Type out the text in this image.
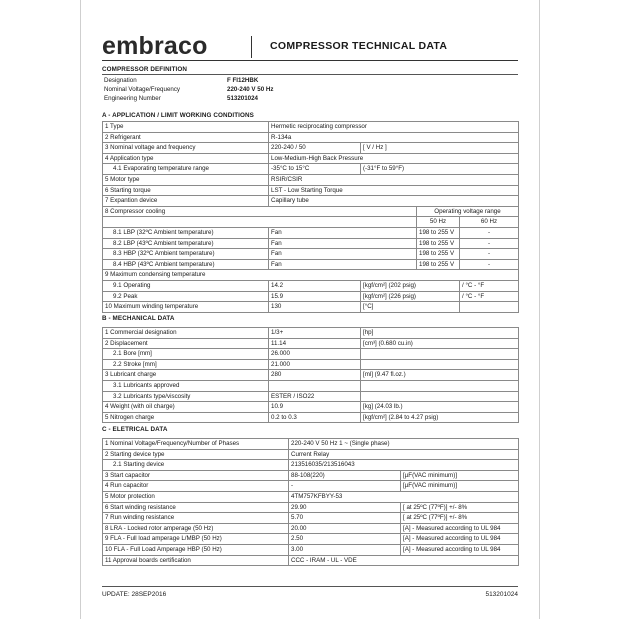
embraco	COMPRESSOR TECHNICAL DATA
COMPRESSOR DEFINITION
Designation	F FI12HBK
Nominal Voltage/Frequency	220-240 V 50 Hz
Engineering Number	513201024
A - APPLICATION / LIMIT WORKING CONDITIONS
1 Type	Hermetic reciprocating compressor			
2 Refrigerant	R-134a			
3 Nominal voltage and frequency	220-240 / 50	[ V / Hz ]		
4 Application type	Low-Medium-High Back Pressure			
4.1 Evaporating temperature range	-35°C to 15°C	(-31°F to 59°F)		
5 Motor type	RSIR/CSIR			
6 Starting torque	LST - Low Starting Torque			
7 Expantion device	Capillary tube			
8 Compressor cooling			Operating voltage range	
			50 Hz	60 Hz
8.1 LBP (32ºC Ambient temperature)	Fan		198 to 255 V	-
8.2 LBP (43ºC Ambient temperature)	Fan		198 to 255 V	-
8.3 HBP (32ºC Ambient temperature)	Fan		198 to 255 V	-
8.4 HBP (43ºC Ambient temperature)	Fan		198 to 255 V	-
9 Maximum condensing temperature				
9.1 Operating	14.2	[kgf/cm²] (202 psig)		/ °C - °F
9.2 Peak	15.9	[kgf/cm²] (226 psig)		/ °C - °F
10 Maximum winding temperature	130	[°C]		
B - MECHANICAL DATA
1 Commercial designation	1/3+	[hp]
2 Displacement	11.14	[cm³] (0.680 cu.in)
2.1 Bore [mm]	26.000	
2.2 Stroke [mm]	21.000	
3 Lubricant charge	280	[ml] (9.47 fl.oz.)
3.1 Lubricants approved		
3.2 Lubricants type/viscosity	ESTER / ISO22	
4 Weight (with oil charge)	10.9	[kg] (24.03 lb.)
5 Nitrogen charge	0.2 to 0.3	[kgf/cm²] (2.84 to 4.27 psig)
C - ELETRICAL DATA
1 Nominal Voltage/Frequency/Number of Phases	220-240 V 50 Hz 1 ~ (Single phase)	
2 Starting device type	Current Relay	
2.1 Starting device	213516035/213516043	
3 Start capacitor	88-108(220)	[µF(VAC minimum)]
4 Run capacitor	-	[µF(VAC minimum)]
5 Motor protection	4TM757KFBYY-53	
6 Start winding resistance	29.90	[ at 25ºC (77ºF)] +/- 8%
7 Run winding resistance	5.70	[ at 25ºC (77ºF)] +/- 8%
8 LRA - Locked rotor amperage (50 Hz)	20.00	[A] - Measured according to UL 984
9 FLA - Full load amperage L/MBP (50 Hz)	2.50	[A] - Measured according to UL 984
10 FLA - Full Load Amperage HBP (50 Hz)	3.00	[A] - Measured according to UL 984
11 Approval boards certification	CCC - IRAM - UL - VDE	
UPDATE: 28SEP2016	513201024
